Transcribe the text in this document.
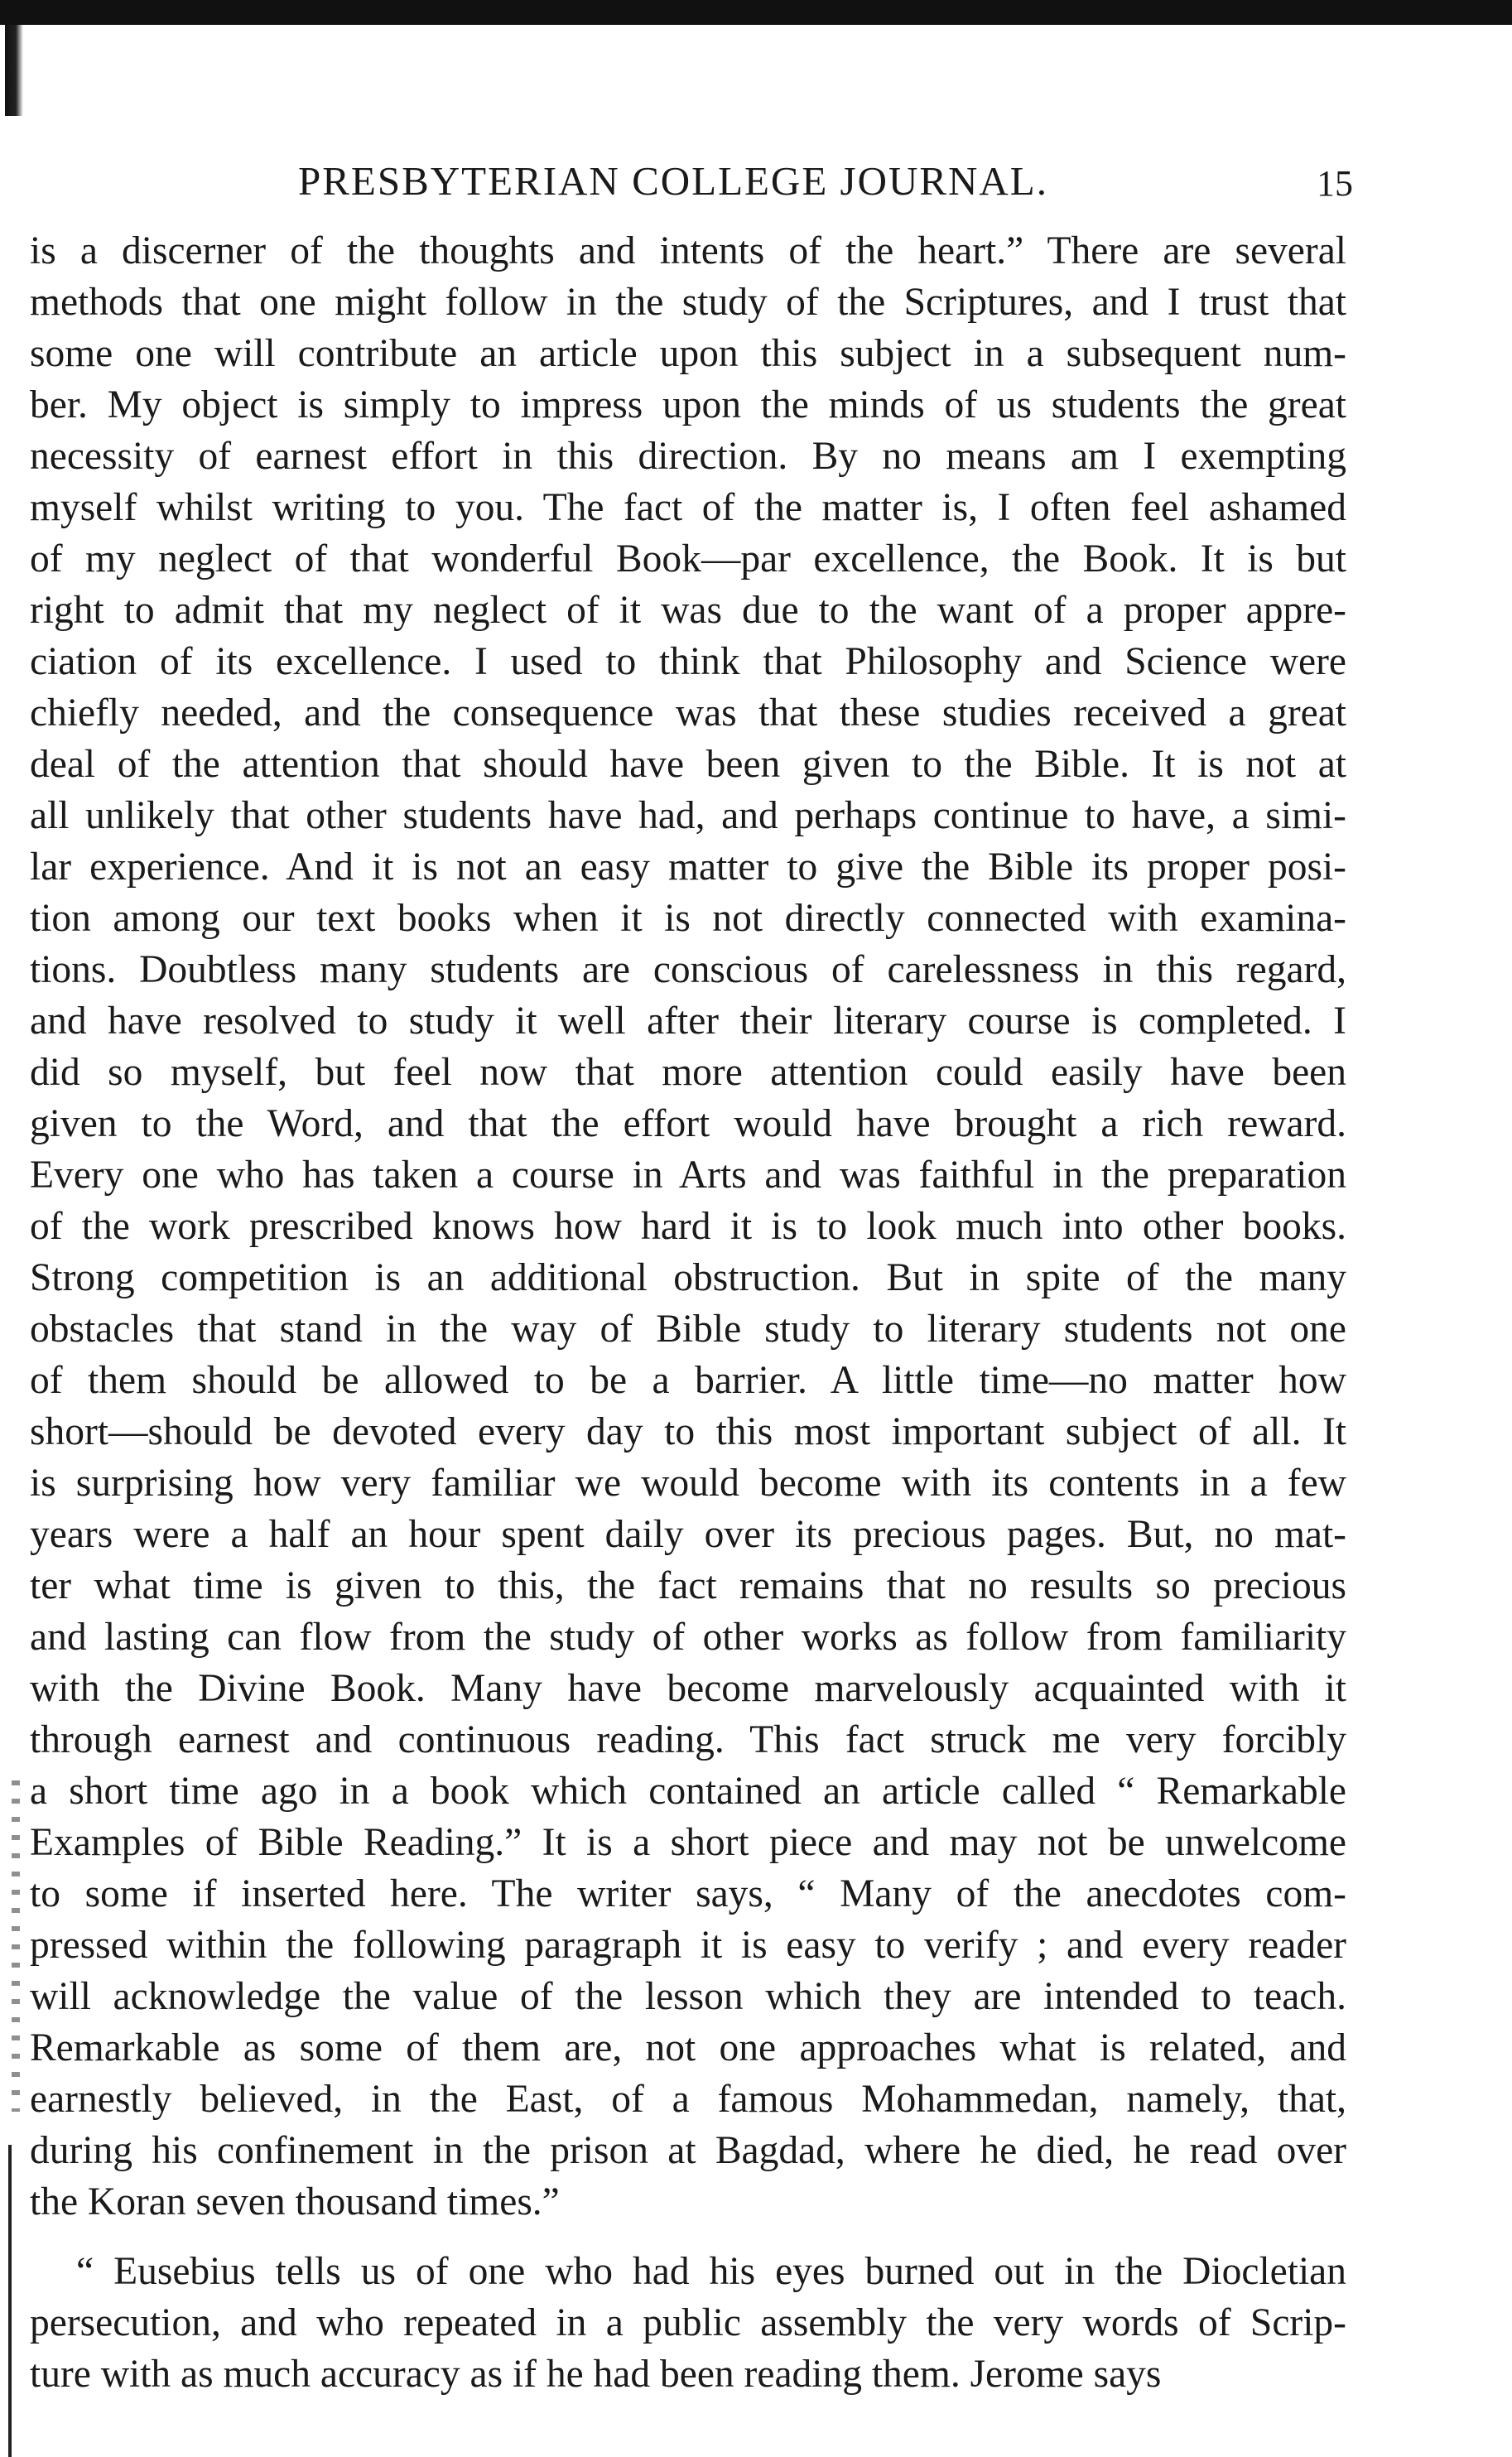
PRESBYTERIAN COLLEGE JOURNAL.	15
is a discerner of the thoughts and intents of the heart.” There are several
methods that one might follow in the study of the Scriptures, and I trust that
some one will contribute an article upon this subject in a subsequent num-
ber. My object is simply to impress upon the minds of us students the great
necessity of earnest effort in this direction. By no means am I exempting
myself whilst writing to you. The fact of the matter is, I often feel ashamed
of my neglect of that wonderful Book—par excellence, the Book. It is but
right to admit that my neglect of it was due to the want of a proper appre-
ciation of its excellence. I used to think that Philosophy and Science were
chiefly needed, and the consequence was that these studies received a great
deal of the attention that should have been given to the Bible. It is not at
all unlikely that other students have had, and perhaps continue to have, a simi-
lar experience. And it is not an easy matter to give the Bible its proper posi-
tion among our text books when it is not directly connected with examina-
tions. Doubtless many students are conscious of carelessness in this regard,
and have resolved to study it well after their literary course is completed. I
did so myself, but feel now that more attention could easily have been
given to the Word, and that the effort would have brought a rich reward.
Every one who has taken a course in Arts and was faithful in the preparation
of the work prescribed knows how hard it is to look much into other books.
Strong competition is an additional obstruction. But in spite of the many
obstacles that stand in the way of Bible study to literary students not one
of them should be allowed to be a barrier. A little time—no matter how
short—should be devoted every day to this most important subject of all. It
is surprising how very familiar we would become with its contents in a few
years were a half an hour spent daily over its precious pages. But, no mat-
ter what time is given to this, the fact remains that no results so precious
and lasting can flow from the study of other works as follow from familiarity
with the Divine Book. Many have become marvelously acquainted with it
through earnest and continuous reading. This fact struck me very forcibly
a short time ago in a book which contained an article called “ Remarkable
Examples of Bible Reading.” It is a short piece and may not be unwelcome
to some if inserted here. The writer says, “ Many of the anecdotes com-
pressed within the following paragraph it is easy to verify ; and every reader
will acknowledge the value of the lesson which they are intended to teach.
Remarkable as some of them are, not one approaches what is related, and
earnestly believed, in the East, of a famous Mohammedan, namely, that,
during his confinement in the prison at Bagdad, where he died, he read over
the Koran seven thousand times.”
“ Eusebius tells us of one who had his eyes burned out in the Diocletian
persecution, and who repeated in a public assembly the very words of Scrip-
ture with as much accuracy as if he had been reading them. Jerome says
